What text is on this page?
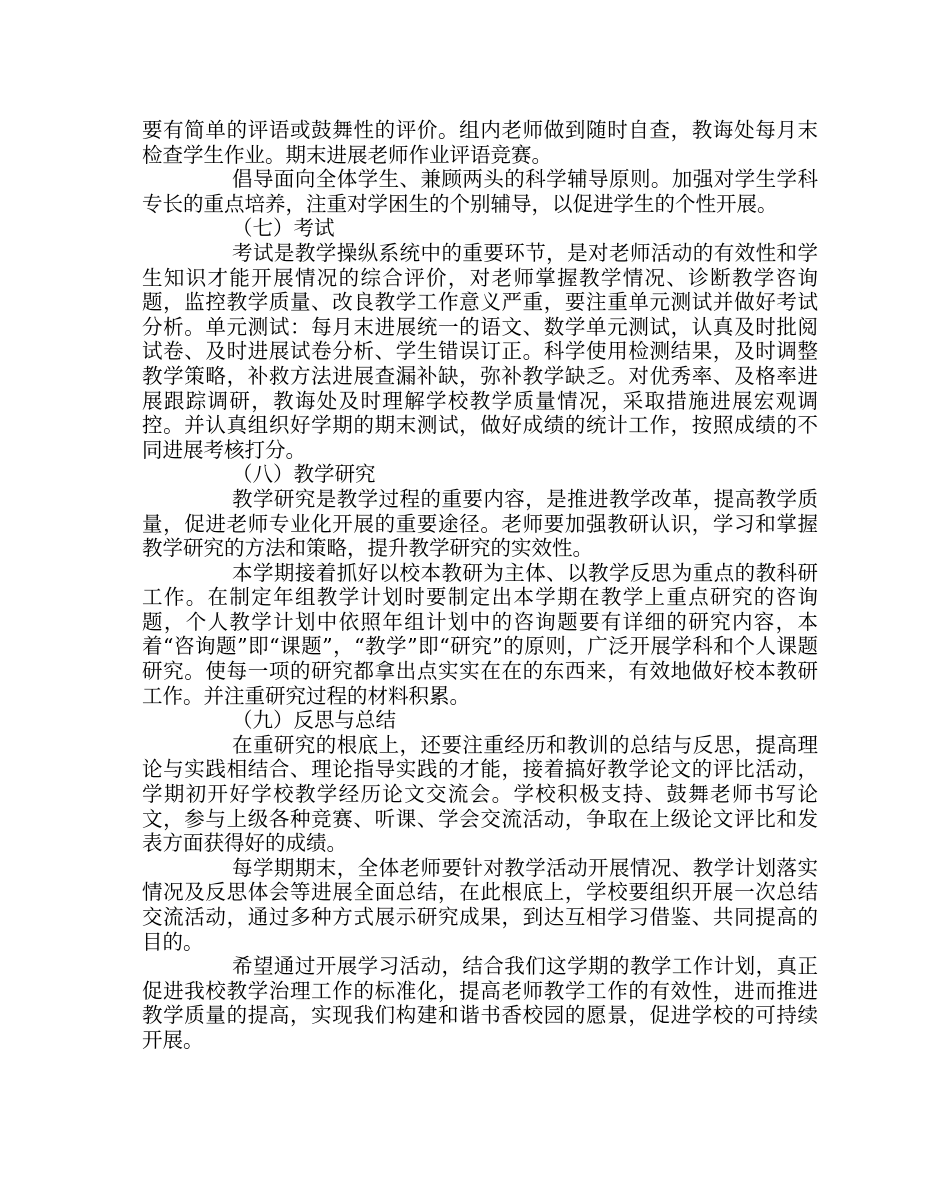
要有简单的评语或鼓舞性的评价。组内老师做到随时自查，教诲处每月末检查学生作业。期末进展老师作业评语竞赛。

倡导面向全体学生、兼顾两头的科学辅导原则。加强对学生学科专长的重点培养，注重对学困生的个别辅导，以促进学生的个性开展。

（七）考试

考试是教学操纵系统中的重要环节，是对老师活动的有效性和学生知识才能开展情况的综合评价，对老师掌握教学情况、诊断教学咨询题，监控教学质量、改良教学工作意义严重，要注重单元测试并做好考试分析。单元测试：每月末进展统一的语文、数学单元测试，认真及时批阅试卷、及时进展试卷分析、学生错误订正。科学使用检测结果，及时调整教学策略，补救方法进展查漏补缺，弥补教学缺乏。对优秀率、及格率进展跟踪调研，教诲处及时理解学校教学质量情况，采取措施进展宏观调控。并认真组织好学期的期末测试，做好成绩的统计工作，按照成绩的不同进展考核打分。

（八）教学研究

教学研究是教学过程的重要内容，是推进教学改革，提高教学质量，促进老师专业化开展的重要途径。老师要加强教研认识，学习和掌握教学研究的方法和策略，提升教学研究的实效性。

本学期接着抓好以校本教研为主体、以教学反思为重点的教科研工作。在制定年组教学计划时要制定出本学期在教学上重点研究的咨询题，个人教学计划中依照年组计划中的咨询题要有详细的研究内容，本着“咨询题”即“课题”，“教学”即“研究”的原则，广泛开展学科和个人课题研究。使每一项的研究都拿出点实实在在的东西来，有效地做好校本教研工作。并注重研究过程的材料积累。

（九）反思与总结

在重研究的根底上，还要注重经历和教训的总结与反思，提高理论与实践相结合、理论指导实践的才能，接着搞好教学论文的评比活动，学期初开好学校教学经历论文交流会。学校积极支持、鼓舞老师书写论文，参与上级各种竞赛、听课、学会交流活动，争取在上级论文评比和发表方面获得好的成绩。

每学期期末，全体老师要针对教学活动开展情况、教学计划落实情况及反思体会等进展全面总结，在此根底上，学校要组织开展一次总结交流活动，通过多种方式展示研究成果，到达互相学习借鉴、共同提高的目的。

希望通过开展学习活动，结合我们这学期的教学工作计划，真正促进我校教学治理工作的标准化，提高老师教学工作的有效性，进而推进教学质量的提高，实现我们构建和谐书香校园的愿景，促进学校的可持续开展。
